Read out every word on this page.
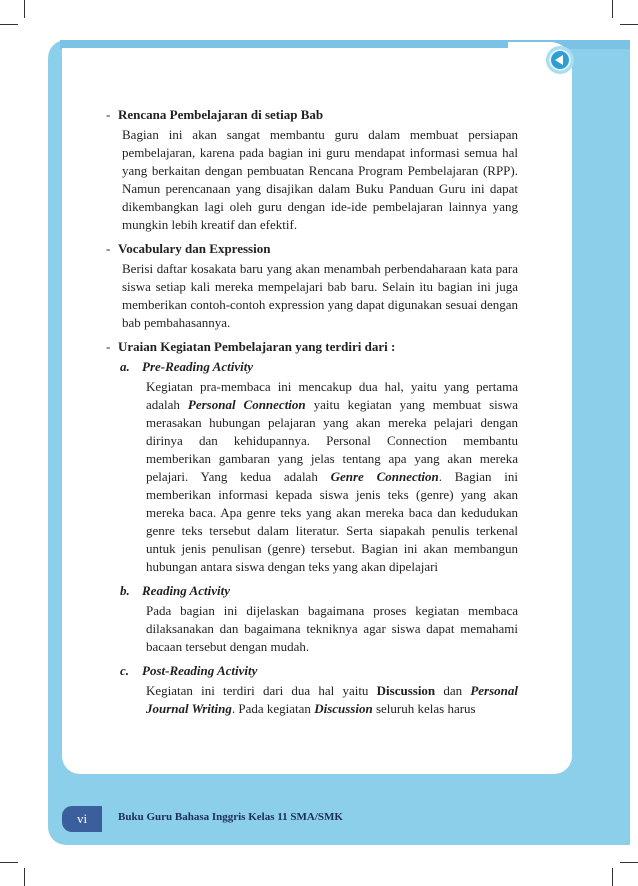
- Rencana Pembelajaran di setiap Bab
Bagian ini akan sangat membantu guru dalam membuat persiapan pembelajaran, karena pada bagian ini guru mendapat informasi semua hal yang berkaitan dengan pembuatan Rencana Program Pembelajaran (RPP). Namun perencanaan yang disajikan dalam Buku Panduan Guru ini dapat dikembangkan lagi oleh guru dengan ide-ide pembelajaran lainnya yang mungkin lebih kreatif dan efektif.
- Vocabulary dan Expression
Berisi daftar kosakata baru yang akan menambah perbendaharaan kata para siswa setiap kali mereka mempelajari bab baru. Selain itu bagian ini juga memberikan contoh-contoh expression yang dapat digunakan sesuai dengan bab pembahasannya.
- Uraian Kegiatan Pembelajaran yang terdiri dari :
a. Pre-Reading Activity
Kegiatan pra-membaca ini mencakup dua hal, yaitu yang pertama adalah Personal Connection yaitu kegiatan yang membuat siswa merasakan hubungan pelajaran yang akan mereka pelajari dengan dirinya dan kehidupannya. Personal Connection membantu memberikan gambaran yang jelas tentang apa yang akan mereka pelajari. Yang kedua adalah Genre Connection. Bagian ini memberikan informasi kepada siswa jenis teks (genre) yang akan mereka baca. Apa genre teks yang akan mereka baca dan kedudukan genre teks tersebut dalam literatur. Serta siapakah penulis terkenal untuk jenis penulisan (genre) tersebut. Bagian ini akan membangun hubungan antara siswa dengan teks yang akan dipelajari
b. Reading Activity
Pada bagian ini dijelaskan bagaimana proses kegiatan membaca dilaksanakan dan bagaimana tekniknya agar siswa dapat memahami bacaan tersebut dengan mudah.
c. Post-Reading Activity
Kegiatan ini terdiri dari dua hal yaitu Discussion dan Personal Journal Writing. Pada kegiatan Discussion seluruh kelas harus
vi	Buku Guru Bahasa Inggris Kelas 11 SMA/SMK
